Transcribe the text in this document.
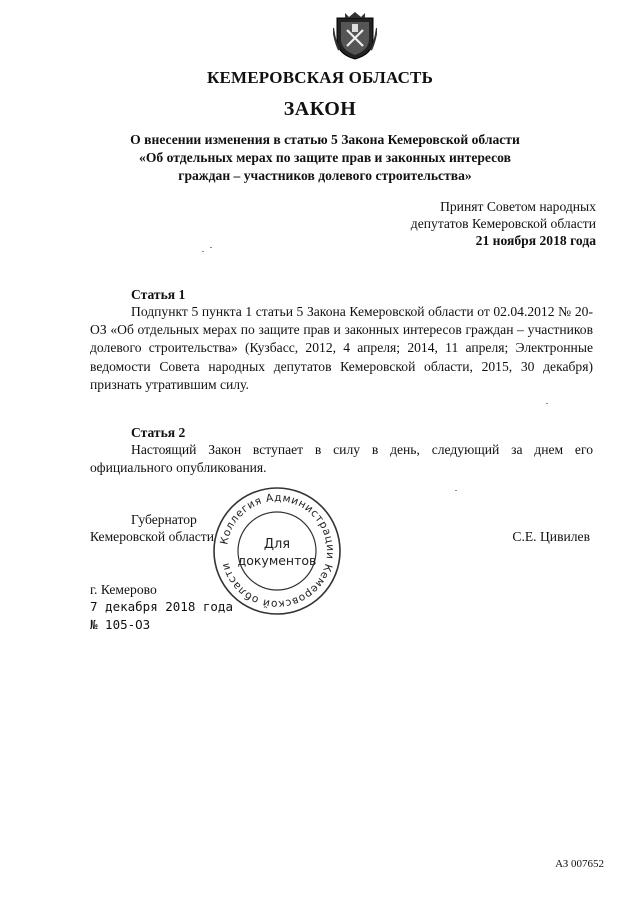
КЕМЕРОВСКАЯ ОБЛАСТЬ
ЗАКОН
О внесении изменения в статью 5 Закона Кемеровской области
«Об отдельных мерах по защите прав и законных интересов
граждан – участников долевого строительства»
Принят Советом народных
депутатов Кемеровской области
21 ноября 2018 года
Статья 1
Подпункт 5 пункта 1 статьи 5 Закона Кемеровской области от 02.04.2012 № 20-ОЗ «Об отдельных мерах по защите прав и законных интересов граждан – участников долевого строительства» (Кузбасс, 2012, 4 апреля; 2014, 11 апреля; Электронные ведомости Совета народных депутатов Кемеровской области, 2015, 30 декабря) признать утратившим силу.
Статья 2
Настоящий Закон вступает в силу в день, следующий за днем его официального опубликования.
Губернатор
Кемеровской области	С.Е. Цивилев
г. Кемерово
7 декабря 2018 года
№ 105-ОЗ
Коллегия Администрации Кемеровской области
Для
документов
АЗ 007652
